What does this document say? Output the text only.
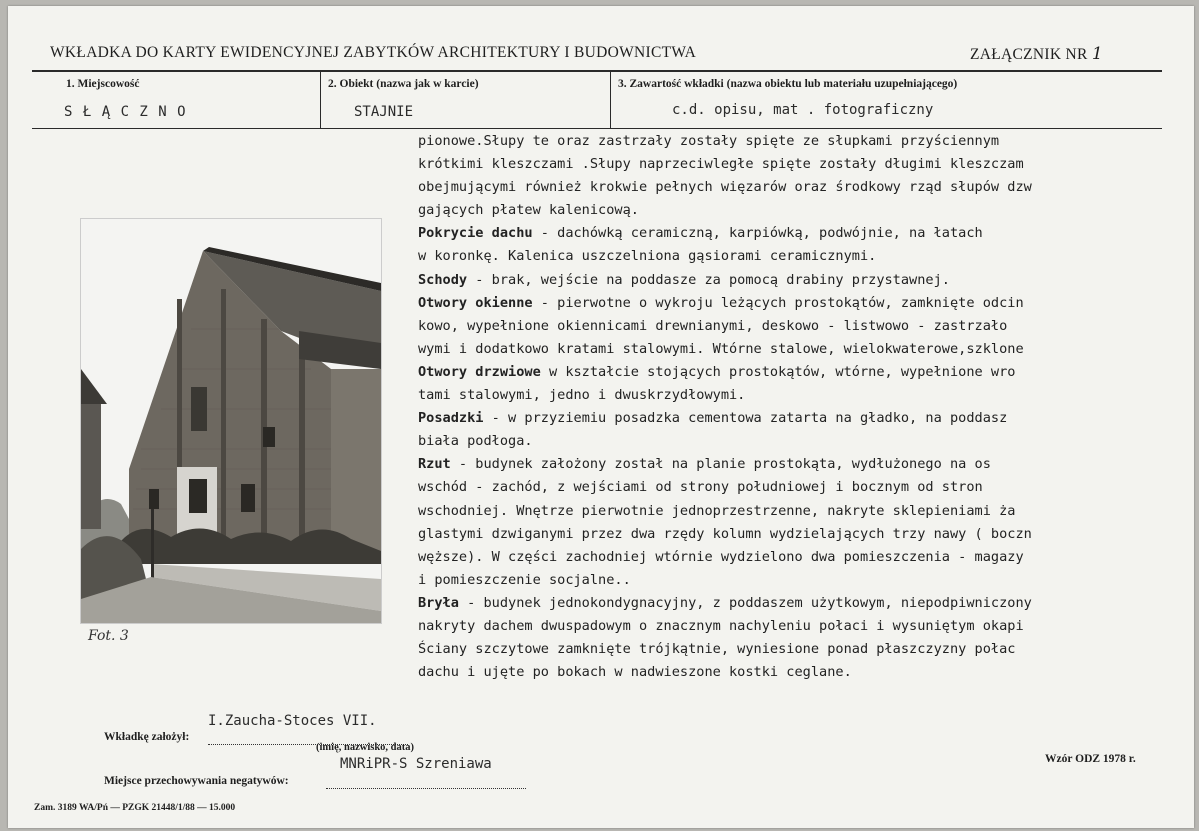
WKŁADKA DO KARTY EWIDENCYJNEJ ZABYTKÓW ARCHITEKTURY I BUDOWNICTWA	ZAŁĄCZNIK NR 1
1. Miejscowość
S Ł Ą C Z N O
2. Obiekt (nazwa jak w karcie)
STAJNIE
3. Zawartość wkładki (nazwa obiektu lub materiału uzupełniającego)
c.d. opisu, mat . fotograficzny
Fot. 3
pionowe.Słupy te oraz zastrzały zostały spięte ze słupkami przyściennym
krótkimi kleszczami .Słupy naprzeciwległe spięte zostały długimi kleszczam
obejmującymi również krokwie pełnych więzarów oraz środkowy rząd słupów dzw
gających płatew kalenicową.
Pokrycie dachu - dachówką ceramiczną, karpiówką, podwójnie, na łatach
w koronkę. Kalenica uszczelniona gąsiorami ceramicznymi.
Schody - brak, wejście na poddasze za pomocą drabiny przystawnej.
Otwory okienne - pierwotne o wykroju leżących prostokątów, zamknięte odcin
kowo, wypełnione okiennicami drewnianymi, deskowo - listwowo - zastrzało
wymi i dodatkowo kratami stalowymi. Wtórne stalowe, wielokwaterowe,szklone
Otwory drzwiowe w kształcie stojących prostokątów, wtórne, wypełnione wro
tami stalowymi, jedno i dwuskrzydłowymi.
Posadzki - w przyziemiu posadzka cementowa zatarta na gładko, na poddasz
biała podłoga.
Rzut - budynek założony został na planie prostokąta, wydłużonego na os
wschód - zachód, z wejściami od strony południowej i bocznym od stron
wschodniej. Wnętrze pierwotnie jednoprzestrzenne, nakryte sklepieniami ża
glastymi dzwiganymi przez dwa rzędy kolumn wydzielających trzy nawy ( boczn
węższe). W części zachodniej wtórnie wydzielono dwa pomieszczenia - magazy
i pomieszczenie socjalne..
Bryła - budynek jednokondygnacyjny, z poddaszem użytkowym, niepodpiwniczony
nakryty dachem dwuspadowym o znacznym nachyleniu połaci i wysuniętym okapi
Ściany szczytowe zamknięte trójkątnie, wyniesione ponad płaszczyzny połac
dachu i ujęte po bokach w nadwieszone kostki ceglane.
Wkładkę założył:
I.Zaucha-Stoces VII.
(imię, nazwisko, data)
Miejsce przechowywania negatywów:
MNRiPR-S Szreniawa	Wzór ODZ 1978 r.
Zam. 3189 WA/Pń — PZGK 21448/1/88 — 15.000
